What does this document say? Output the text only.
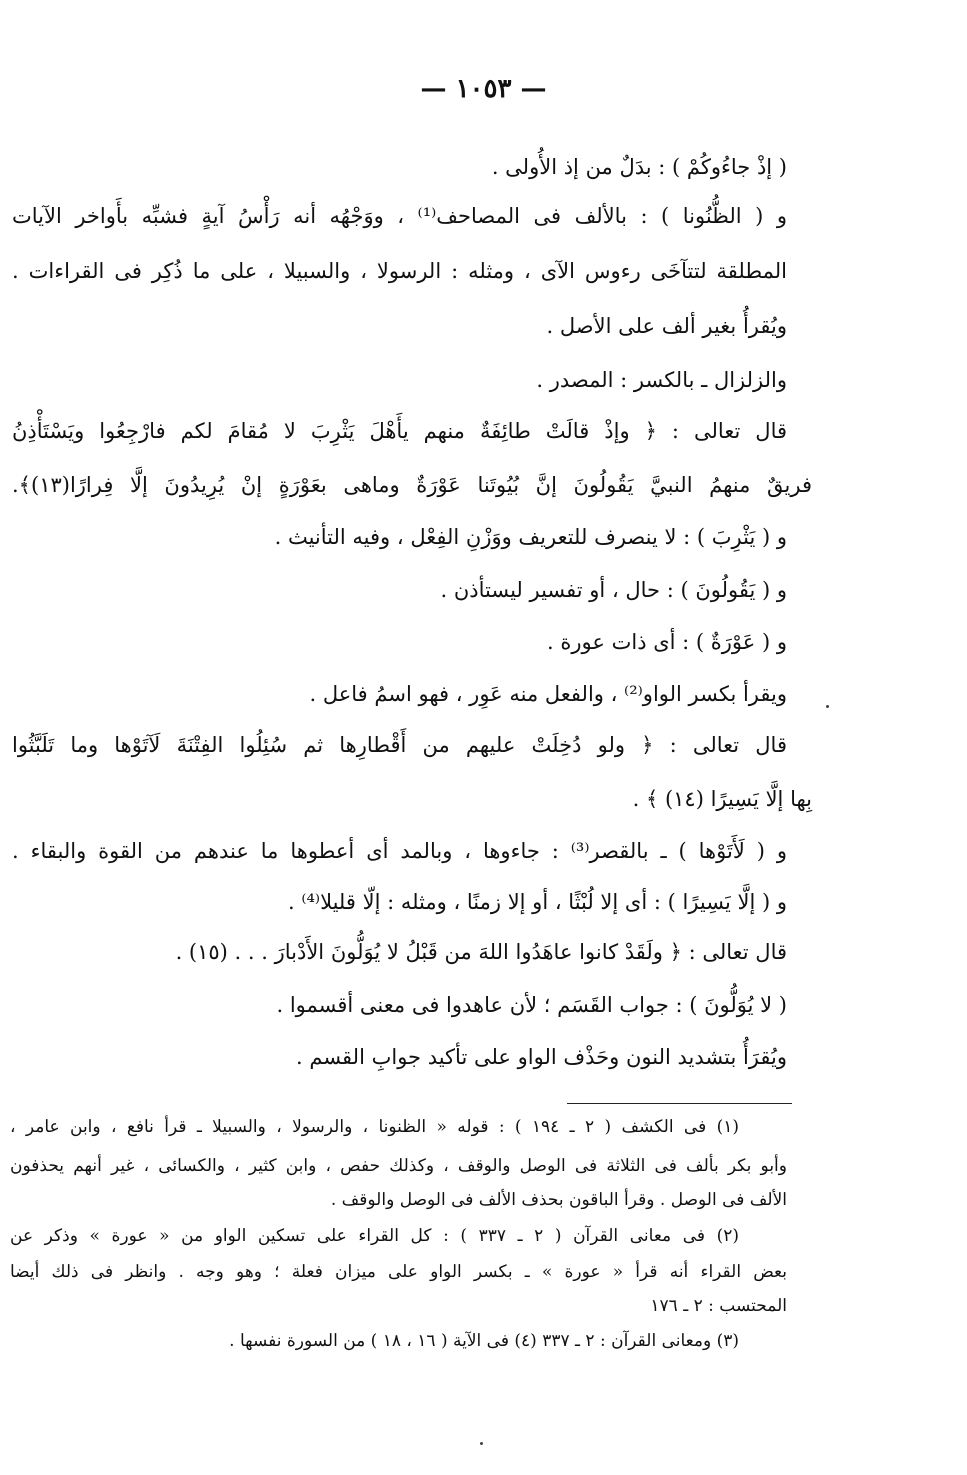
— ١٠٥٣ —
( إذْ جاءُوكُمْ ) : بدَلٌ من إذ الأُولى .
و ( الظُّنُونا ) : بالألف فى المصاحف⁽¹⁾ ، ووَجْهُه أنه رَأْسُ آيةٍ فشبِّه بأَواخر الآيات
المطلقة لتتآخَى رءوس الآى ، ومثله : الرسولا ، والسبيلا ، على ما ذُكِر فى القراءات .
ويُقرأُ بغير ألف على الأصل .
والزلزال ـ بالكسر : المصدر .
قال تعالى : ﴿ وإذْ قالَتْ طائِفَةٌ منهم يأَهْلَ يَثْرِبَ لا مُقامَ لكم فارْجِعُوا ويَسْتَأْذِنُ
فريقٌ منهمُ النبيَّ يَقُولُونَ إنَّ بُيُوتَنا عَوْرَةٌ وماهى بعَوْرَةٍ إنْ يُرِيدُونَ إلَّا فِرارًا(١٣)﴾.
و ( يَثْرِبَ ) : لا ينصرف للتعريف ووَزْنِ الفِعْل ، وفيه التأنيث .
و ( يَقُولُونَ ) : حال ، أو تفسير ليستأذن .
و ( عَوْرَةٌ ) : أى ذات عورة .
ويقرأ بكسر الواو⁽²⁾ ، والفعل منه عَوِر ، فهو اسمُ فاعل .
قال تعالى : ﴿ ولو دُخِلَتْ عليهم من أَقْطارِها ثم سُئِلُوا الفِتْنَةَ لَآتَوْها وما تَلَبَّثُوا
بِها إلَّا يَسِيرًا (١٤) ﴾ .
و ( لَأَتَوْها ) ـ بالقصر⁽³⁾ : جاءوها ، وبالمد أى أعطوها ما عندهم من القوة والبقاء .
و ( إلَّا يَسِيرًا ) : أى إلا لُبْثًا ، أو إلا زمنًا ، ومثله : إلّا قليلا⁽⁴⁾ .
قال تعالى : ﴿ ولَقَدْ كانوا عاهَدُوا اللهَ من قَبْلُ لا يُوَلُّونَ الأَدْبارَ . . . (١٥) .
( لا يُوَلُّونَ ) : جواب القَسَم ؛ لأن عاهدوا فى معنى أقسموا .
ويُقرَأُ بتشديد النون وحَذْف الواو على تأكيد جوابِ القسم .
(١) فى الكشف ( ٢ ـ ١٩٤ ) : قوله « الظنونا ، والرسولا ، والسبيلا ـ قرأ نافع ، وابن عامر ،
وأبو بكر بألف فى الثلاثة فى الوصل والوقف ، وكذلك حفص ، وابن كثير ، والكسائى ، غير أنهم يحذفون
الألف فى الوصل . وقرأ الباقون بحذف الألف فى الوصل والوقف .
(٢) فى معانى القرآن ( ٢ ـ ٣٣٧ ) : كل القراء على تسكين الواو من « عورة » وذكر عن
بعض القراء أنه قرأ « عورة » ـ بكسر الواو على ميزان فعلة ؛ وهو وجه . وانظر فى ذلك أيضا
المحتسب : ٢ ـ ١٧٦
(٣) ومعانى القرآن : ٢ ـ ٣٣٧ (٤) فى الآية ( ١٦ ، ١٨ ) من السورة نفسها .
